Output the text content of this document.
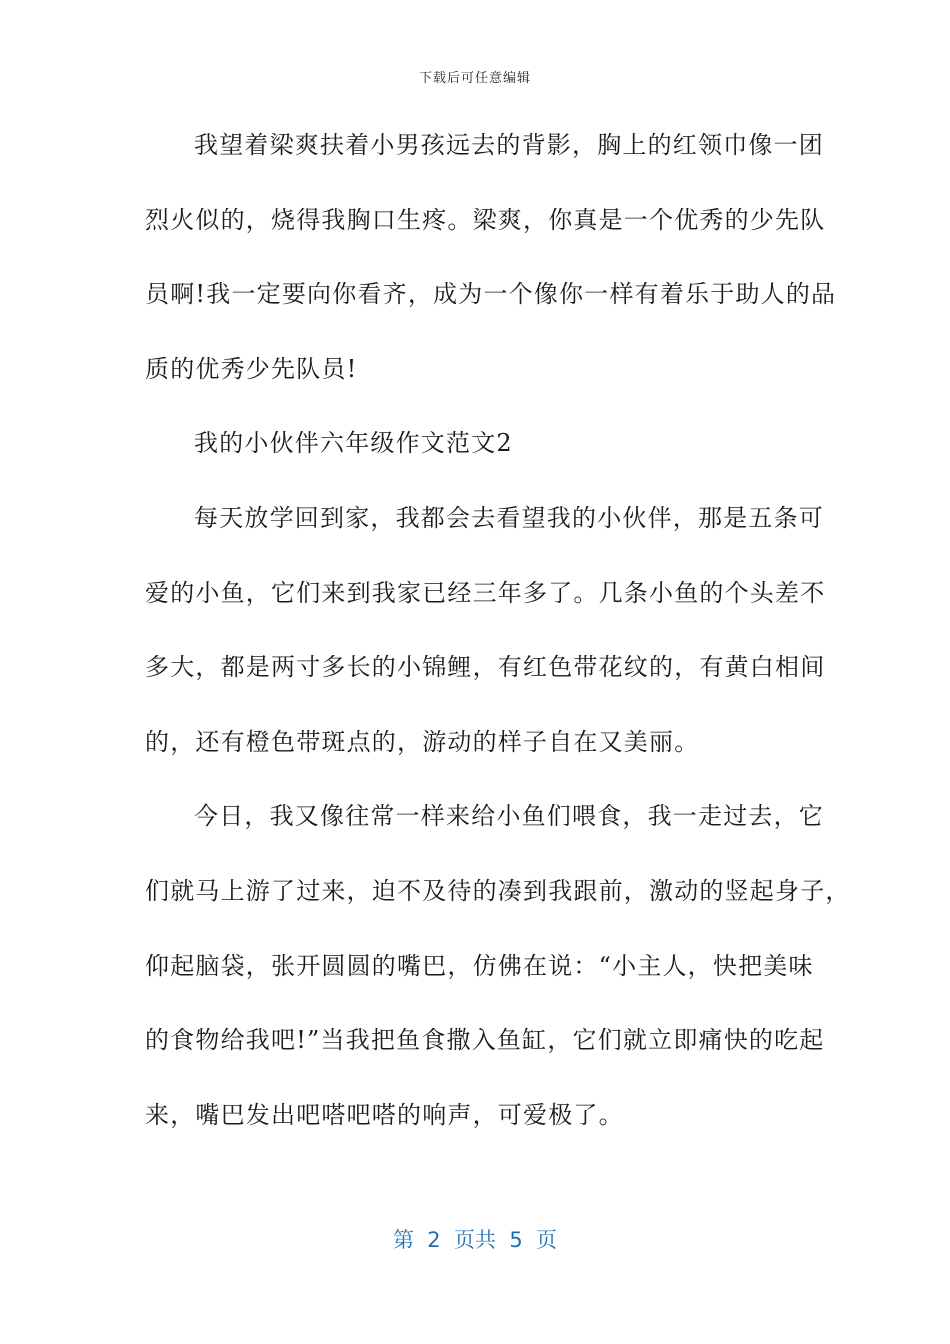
下载后可任意编辑
我望着梁爽扶着小男孩远去的背影，胸上的红领巾像一团
烈火似的，烧得我胸口生疼。梁爽，你真是一个优秀的少先队
员啊!我一定要向你看齐，成为一个像你一样有着乐于助人的品
质的优秀少先队员!
我的小伙伴六年级作文范文2
每天放学回到家，我都会去看望我的小伙伴，那是五条可
爱的小鱼，它们来到我家已经三年多了。几条小鱼的个头差不
多大，都是两寸多长的小锦鲤，有红色带花纹的，有黄白相间
的，还有橙色带斑点的，游动的样子自在又美丽。
今日，我又像往常一样来给小鱼们喂食，我一走过去，它
们就马上游了过来，迫不及待的凑到我跟前，激动的竖起身子，
仰起脑袋，张开圆圆的嘴巴，仿佛在说：“小主人，快把美味
的食物给我吧!”当我把鱼食撒入鱼缸，它们就立即痛快的吃起
来，嘴巴发出吧嗒吧嗒的响声，可爱极了。
第  2  页共  5  页
